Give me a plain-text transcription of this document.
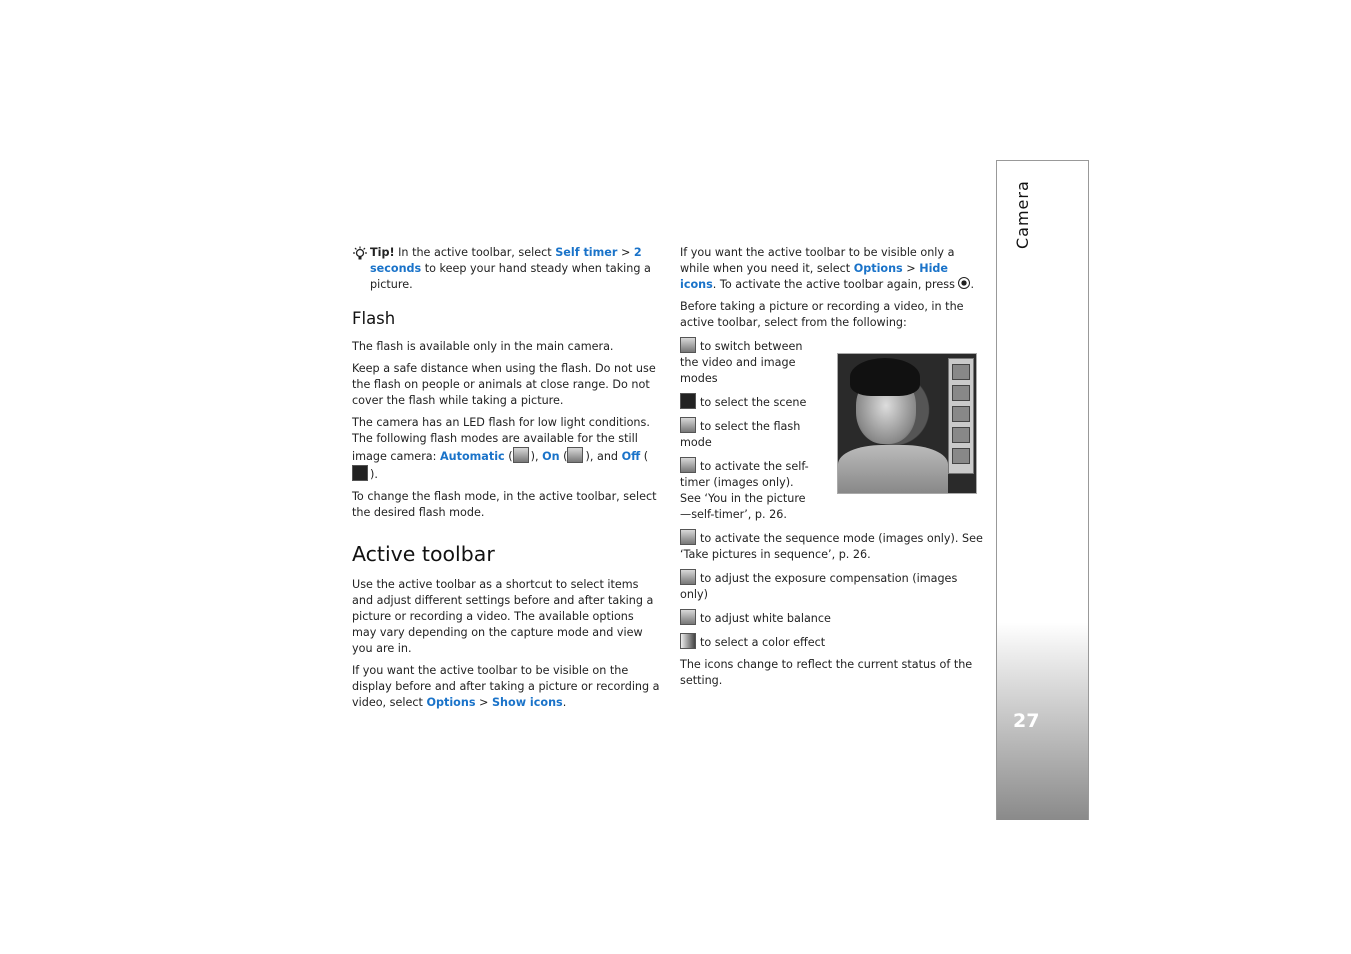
Tip! In the active toolbar, select Self timer > 2 seconds to keep your hand steady when taking a picture.

Flash

The flash is available only in the main camera.

Keep a safe distance when using the flash. Do not use the flash on people or animals at close range. Do not cover the flash while taking a picture.

The camera has an LED flash for low light conditions. The following flash modes are available for the still image camera: Automatic ( ), On ( ), and Off ().

To change the flash mode, in the active toolbar, select the desired flash mode.

Active toolbar

Use the active toolbar as a shortcut to select items and adjust different settings before and after taking a picture or recording a video. The available options may vary depending on the capture mode and view you are in.

If you want the active toolbar to be visible on the display before and after taking a picture or recording a video, select Options > Show icons.

If you want the active toolbar to be visible only a while when you need it, select Options > Hide icons. To activate the active toolbar again, press .

Before taking a picture or recording a video, in the active toolbar, select from the following:

to switch between the video and image modes

to select the scene

to select the flash mode

to activate the self-timer (images only). See ‘You in the picture—self-timer’, p. 26.

to activate the sequence mode (images only). See ‘Take pictures in sequence’, p. 26.

to adjust the exposure compensation (images only)

to adjust white balance

to select a color effect

The icons change to reflect the current status of the setting.

Camera
27
